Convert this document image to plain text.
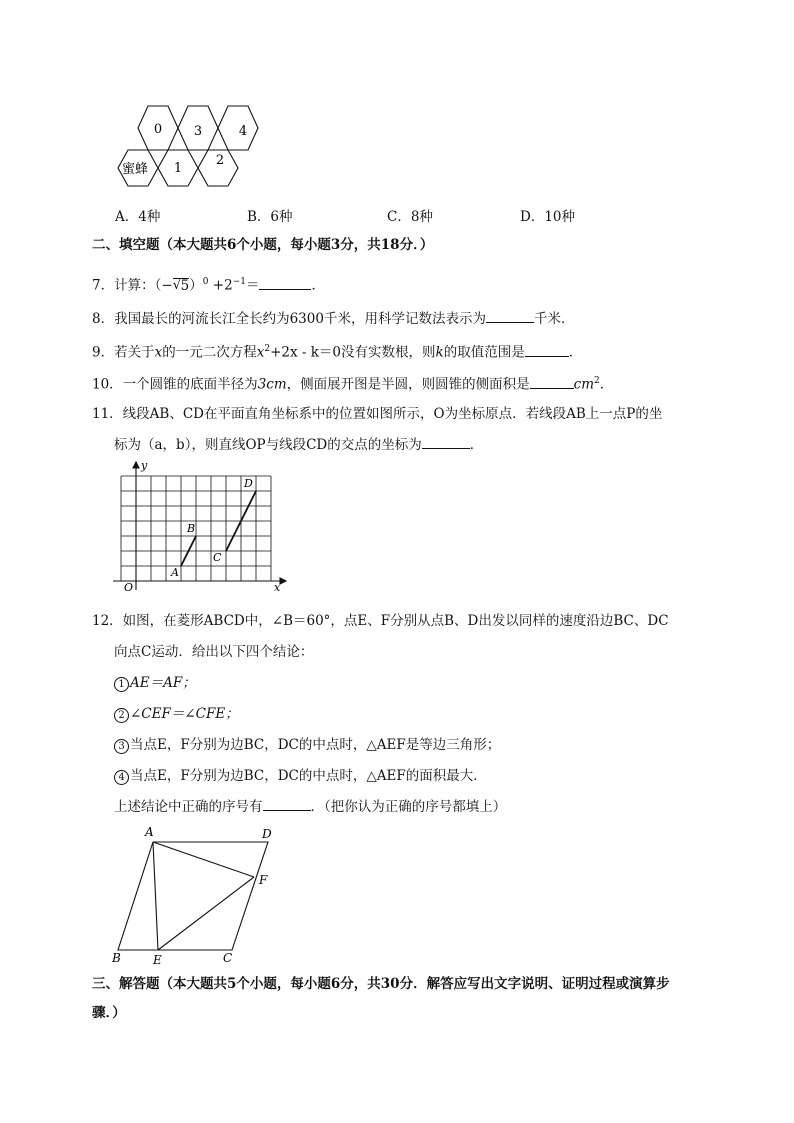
0 3	4
1
2
蜜蜂
A．4种	B．6种	C．8种	D．10种
二、填空题（本大题共6个小题，每小题3分，共18分．）
7．计算：（− √ $5)^0 +2^{-1}=$	．
8．我国最长的河流长江全长约为6300千米，用科学记数法表示为	千米．
9．若关于x的一元二次方程$x^2+2x - k=0$没有实数根，则k的取值范围是	．
10．一个圆锥的底面半径为3cm，侧面展开图是半圆，则圆锥的侧面积是	$cm^2$．
11．线段AB、CD在平面直角坐标系中的位置如图所示，O为坐标原点．若线段AB上一点P的坐
标为（a，b），则直线OP与线段CD的交点的坐标为	．
y
x
O
A
B
C
D
12．如图，在菱形ABCD中，∠B＝60°，点E、F分别从点B、D出发以同样的速度沿边BC、DC
向点C运动．给出以下四个结论：
1 AE＝AF；
2 ∠CEF＝∠CFE；
3 当点E，F分别为边BC，DC的中点时，△AEF是等边三角形；
4 当点E，F分别为边BC，DC的中点时，△AEF的面积最大．
上述结论中正确的序号有	．（把你认为正确的序号都填上）
A	D
F
B	E	C
三、解答题（本大题共5个小题，每小题6分，共30分．解答应写出文字说明、证明过程或演算步
骤．）
